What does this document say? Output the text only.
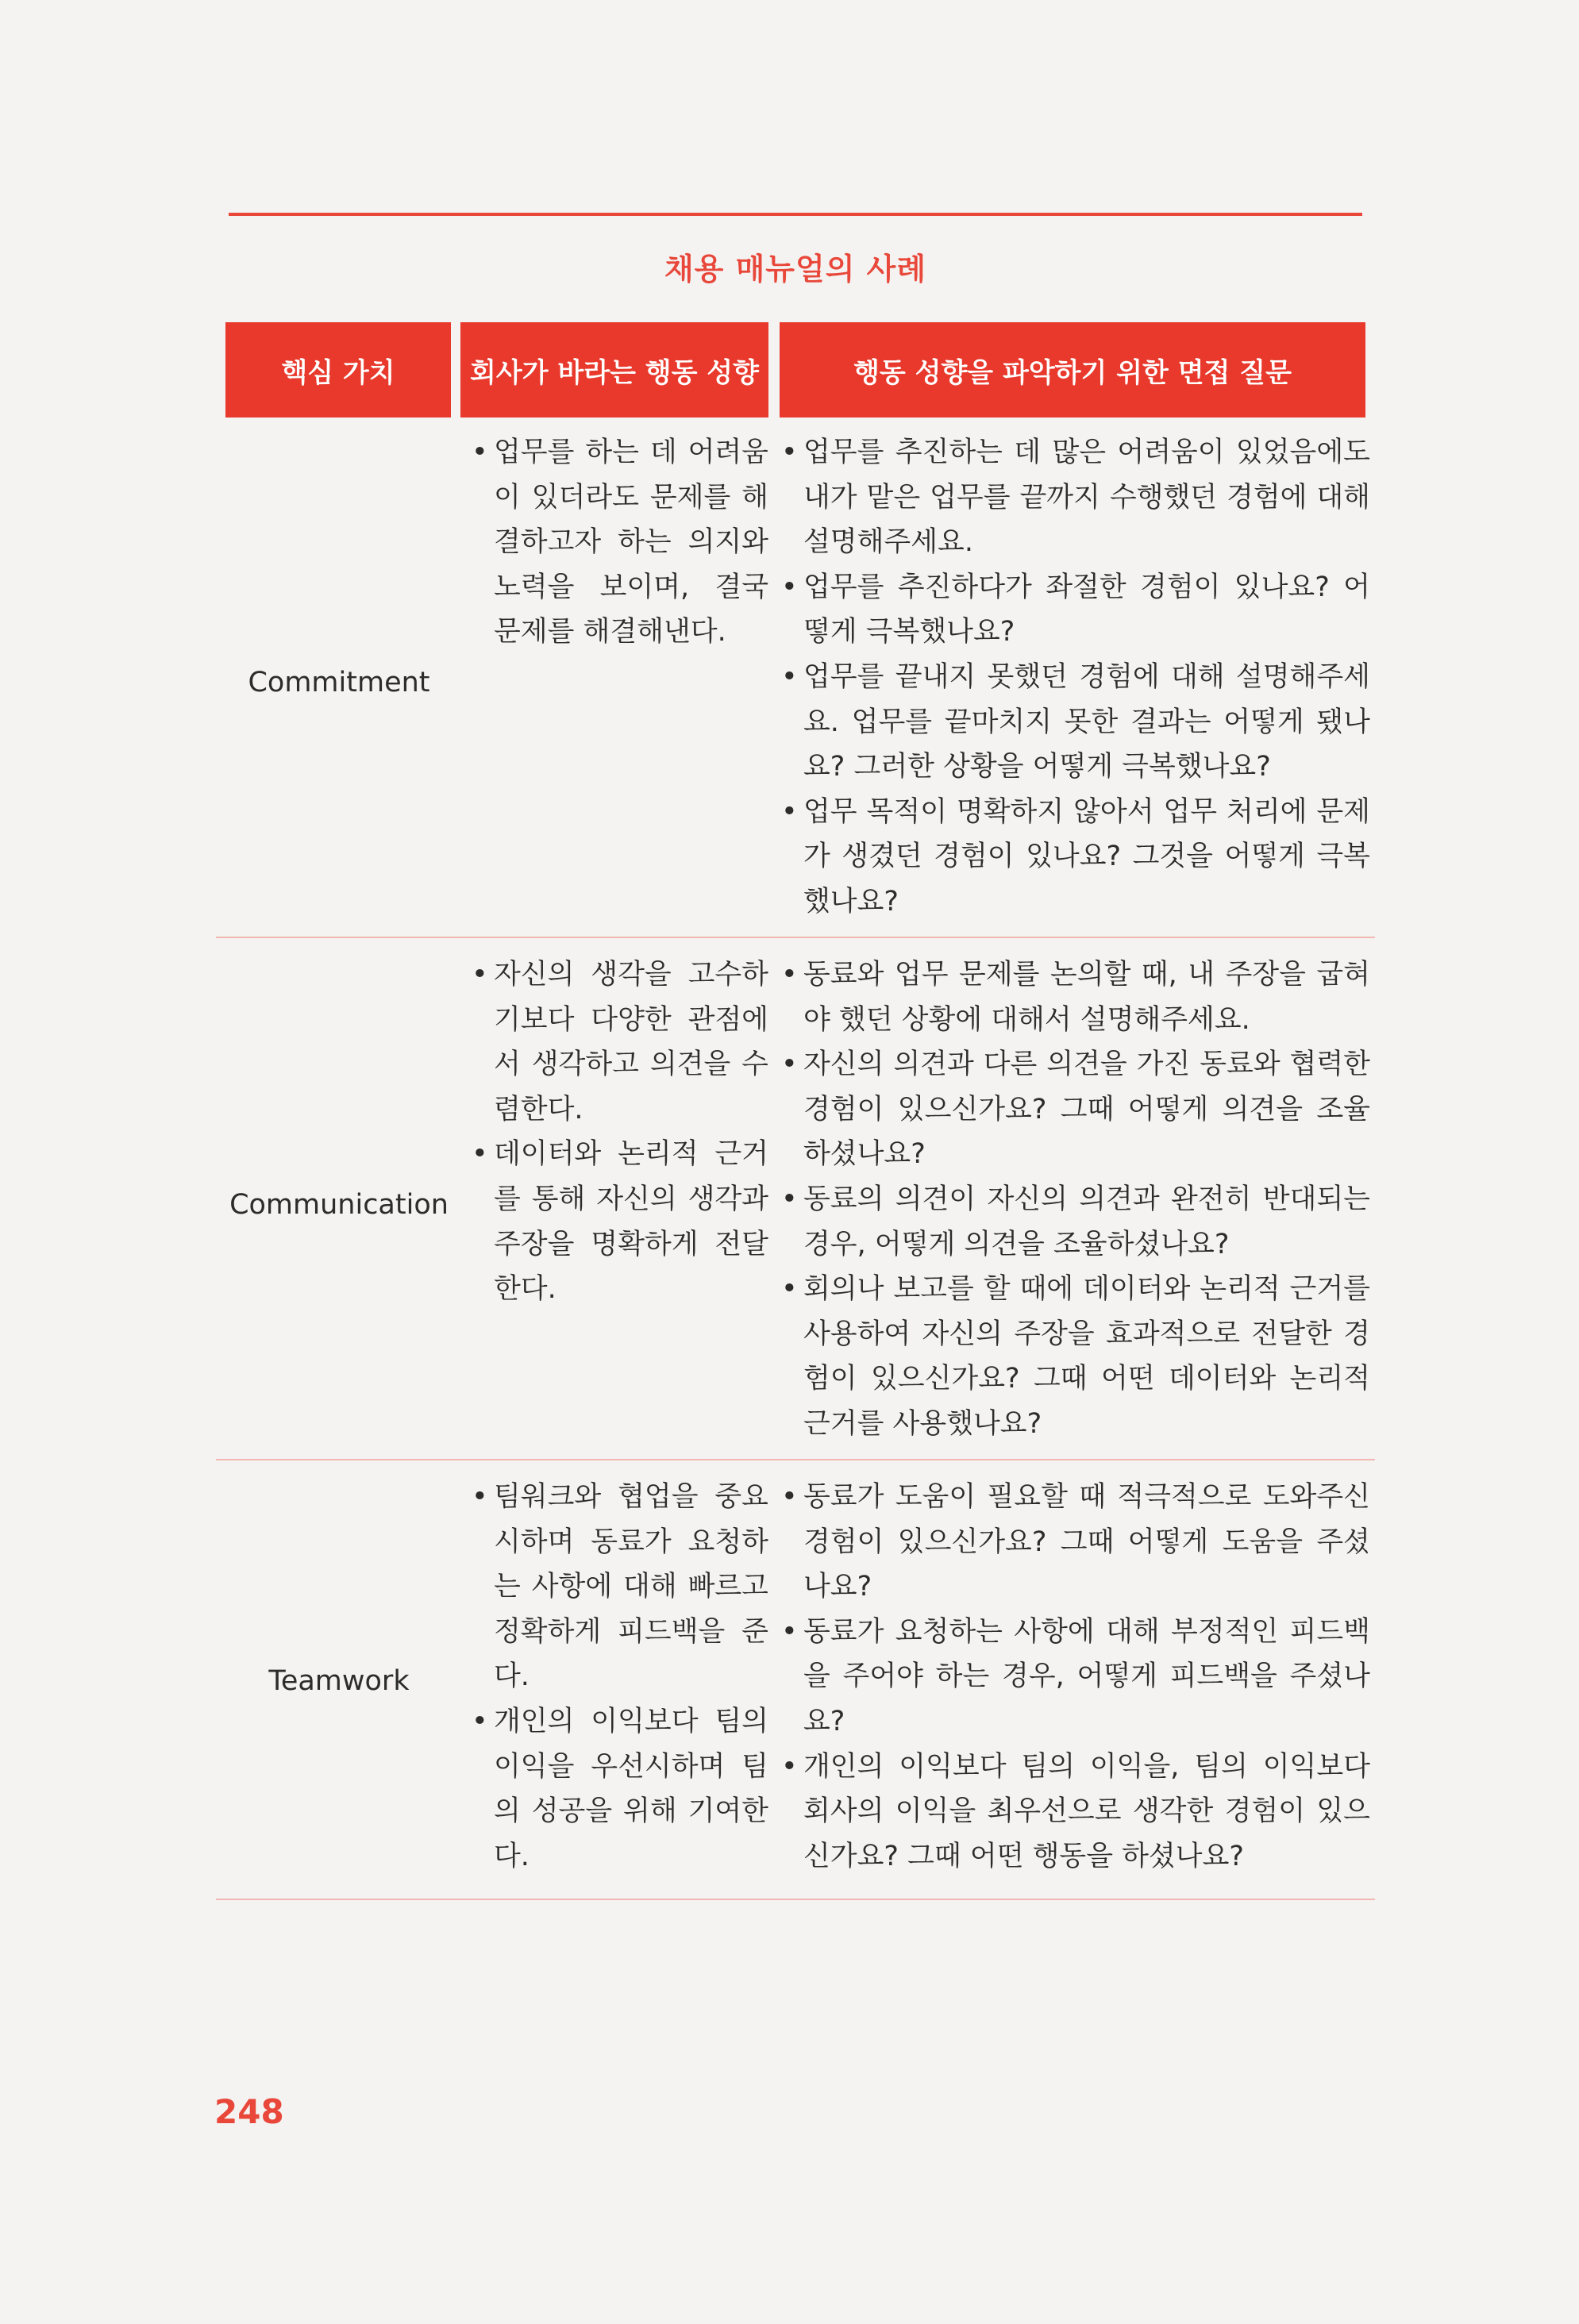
채용 매뉴얼의 사례
핵심 가치	회사가 바라는 행동 성향	행동 성향을 파악하기 위한 면접 질문
Commitment
• 업무를 하는 데 어려움이 있더라도 문제를 해결하고자 하는 의지와 노력을 보이며, 결국 문제를 해결해낸다.
• 업무를 추진하는 데 많은 어려움이 있었음에도 내가 맡은 업무를 끝까지 수행했던 경험에 대해 설명해주세요.
• 업무를 추진하다가 좌절한 경험이 있나요? 어떻게 극복했나요?
• 업무를 끝내지 못했던 경험에 대해 설명해주세요. 업무를 끝마치지 못한 결과는 어떻게 됐나요? 그러한 상황을 어떻게 극복했나요?
• 업무 목적이 명확하지 않아서 업무 처리에 문제가 생겼던 경험이 있나요? 그것을 어떻게 극복했나요?
Communication
• 자신의 생각을 고수하기보다 다양한 관점에서 생각하고 의견을 수렴한다.
• 데이터와 논리적 근거를 통해 자신의 생각과 주장을 명확하게 전달한다.
• 동료와 업무 문제를 논의할 때, 내 주장을 굽혀야 했던 상황에 대해서 설명해주세요.
• 자신의 의견과 다른 의견을 가진 동료와 협력한 경험이 있으신가요? 그때 어떻게 의견을 조율하셨나요?
• 동료의 의견이 자신의 의견과 완전히 반대되는 경우, 어떻게 의견을 조율하셨나요?
• 회의나 보고를 할 때에 데이터와 논리적 근거를 사용하여 자신의 주장을 효과적으로 전달한 경험이 있으신가요? 그때 어떤 데이터와 논리적 근거를 사용했나요?
Teamwork
• 팀워크와 협업을 중요시하며 동료가 요청하는 사항에 대해 빠르고 정확하게 피드백을 준다.
• 개인의 이익보다 팀의 이익을 우선시하며 팀의 성공을 위해 기여한다.
• 동료가 도움이 필요할 때 적극적으로 도와주신 경험이 있으신가요? 그때 어떻게 도움을 주셨나요?
• 동료가 요청하는 사항에 대해 부정적인 피드백을 주어야 하는 경우, 어떻게 피드백을 주셨나요?
• 개인의 이익보다 팀의 이익을, 팀의 이익보다 회사의 이익을 최우선으로 생각한 경험이 있으신가요? 그때 어떤 행동을 하셨나요?
248
